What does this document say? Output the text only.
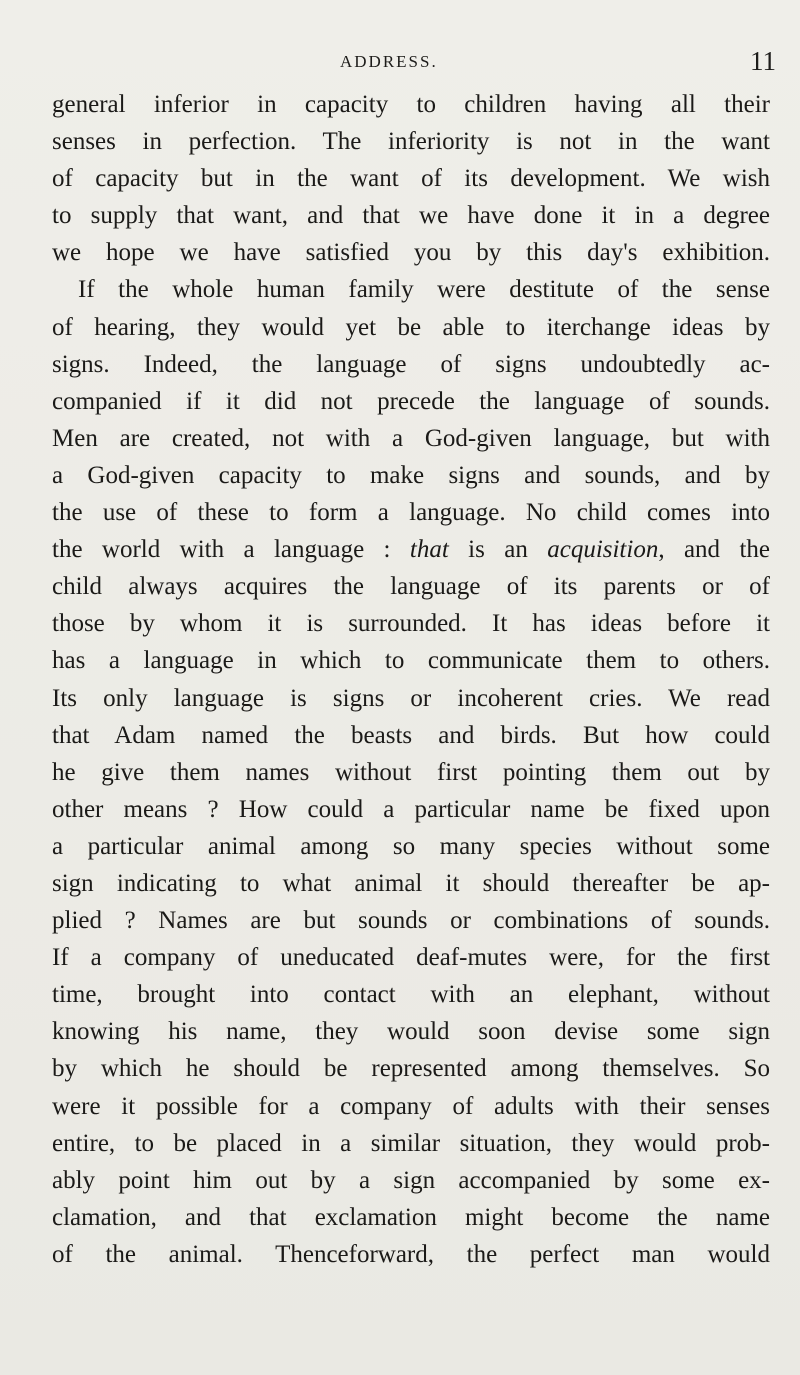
ADDRESS.	11
general inferior in capacity to children having all their
senses in perfection. The inferiority is not in the want
of capacity but in the want of its development. We wish
to supply that want, and that we have done it in a degree
we hope we have satisfied you by this day's exhibition.
If the whole human family were destitute of the sense
of hearing, they would yet be able to iterchange ideas by
signs. Indeed, the language of signs undoubtedly ac-
companied if it did not precede the language of sounds.
Men are created, not with a God-given language, but with
a God-given capacity to make signs and sounds, and by
the use of these to form a language. No child comes into
the world with a language : that is an acquisition, and the
child always acquires the language of its parents or of
those by whom it is surrounded. It has ideas before it
has a language in which to communicate them to others.
Its only language is signs or incoherent cries. We read
that Adam named the beasts and birds. But how could
he give them names without first pointing them out by
other means ? How could a particular name be fixed upon
a particular animal among so many species without some
sign indicating to what animal it should thereafter be ap-
plied ? Names are but sounds or combinations of sounds.
If a company of uneducated deaf-mutes were, for the first
time, brought into contact with an elephant, without
knowing his name, they would soon devise some sign
by which he should be represented among themselves. So
were it possible for a company of adults with their senses
entire, to be placed in a similar situation, they would prob-
ably point him out by a sign accompanied by some ex-
clamation, and that exclamation might become the name
of the animal. Thenceforward, the perfect man would
